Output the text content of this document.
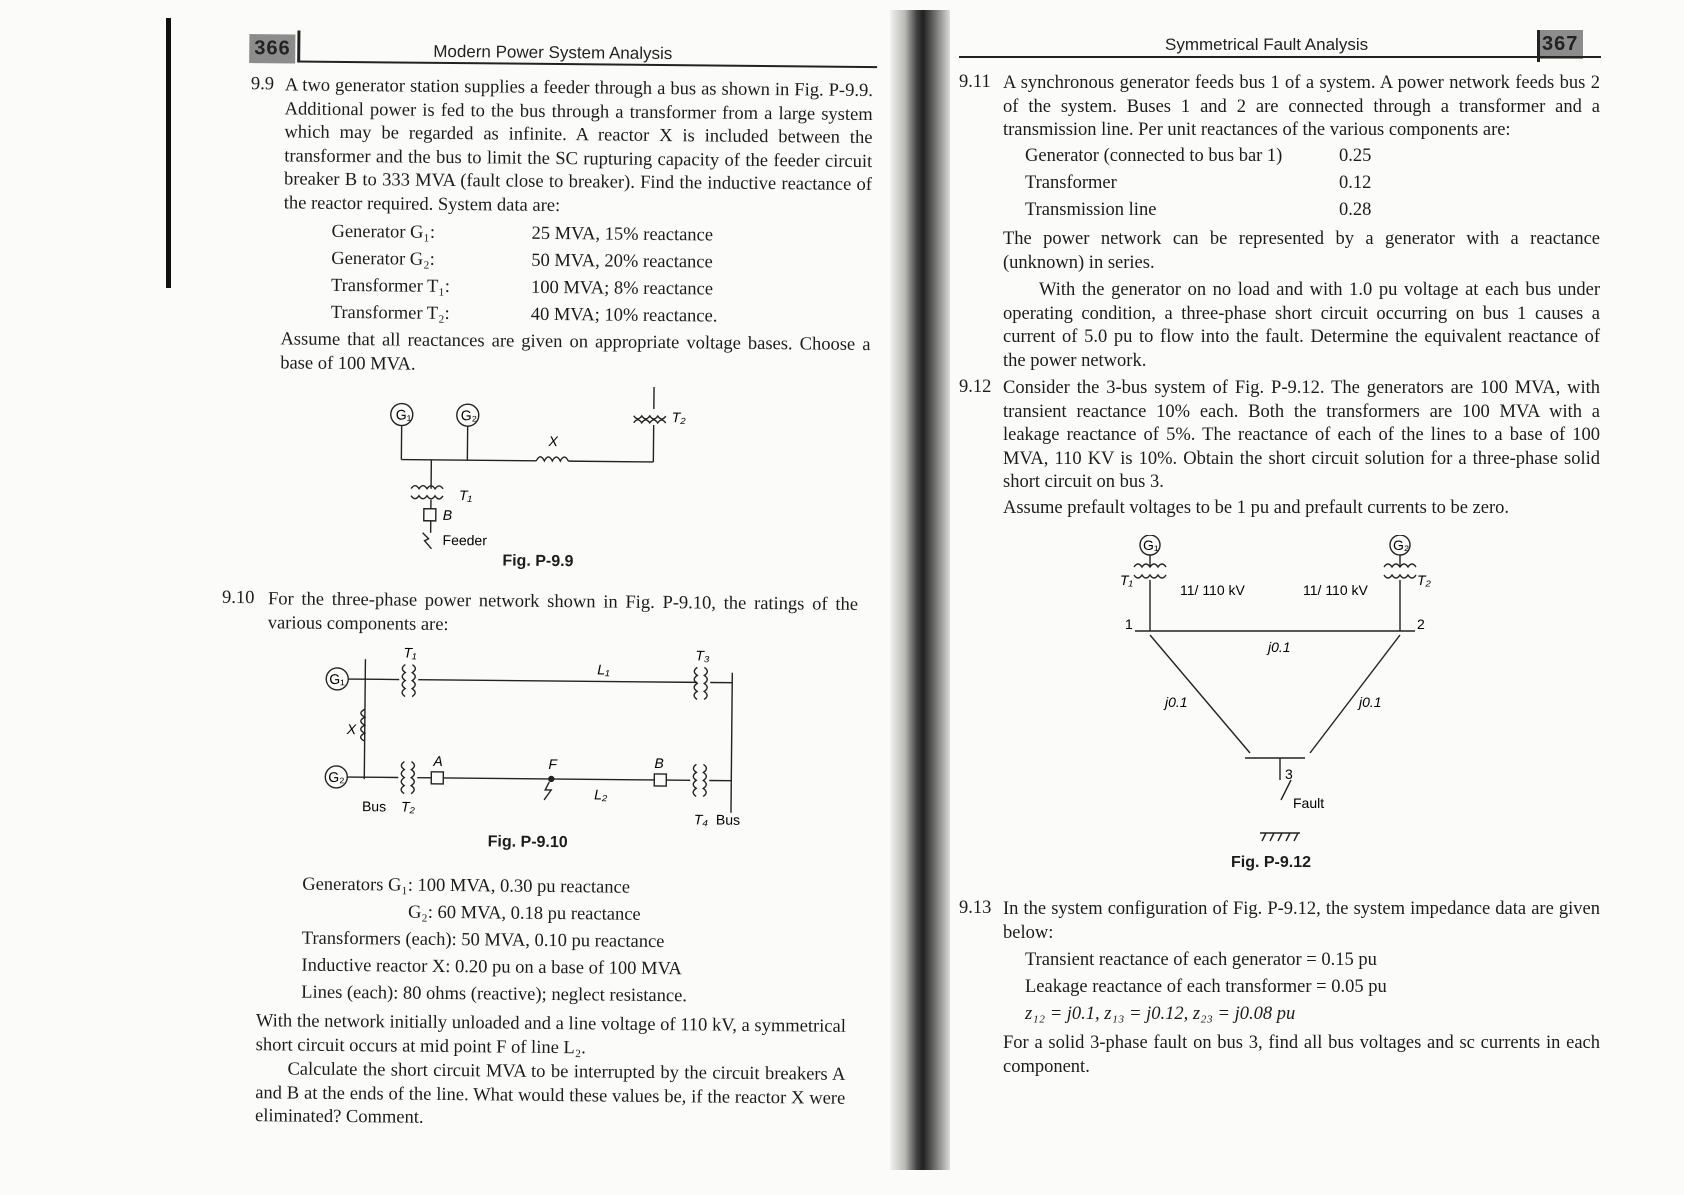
366	Modern Power System Analysis
9.9 A two generator station supplies a feeder through a bus as shown in Fig. P-9.9. Additional power is fed to the bus through a transformer from a large system which may be regarded as infinite. A reactor X is included between the transformer and the bus to limit the SC rupturing capacity of the feeder circuit breaker B to 333 MVA (fault close to breaker). Find the inductive reactance of the reactor required. System data are:

Generator G₁:	25 MVA, 15% reactance
Generator G₂:	50 MVA, 20% reactance
Transformer T₁:	100 MVA; 8% reactance
Transformer T₂:	40 MVA; 10% reactance.

Assume that all reactances are given on appropriate voltage bases. Choose a base of 100 MVA.

G₁	G₂
X
T₂
T₁
B
Feeder
Fig. P-9.9
9.10 For the three-phase power network shown in Fig. P-9.10, the ratings of the various components are:

G₁
G₂
T₁	T₃
L₁
X
A	F	B
L₂
Bus T₂
T₄ Bus
Fig. P-9.10
Generators G₁: 100 MVA, 0.30 pu reactance
G₂: 60 MVA, 0.18 pu reactance
Transformers (each): 50 MVA, 0.10 pu reactance
Inductive reactor X: 0.20 pu on a base of 100 MVA
Lines (each): 80 ohms (reactive); neglect resistance.

With the network initially unloaded and a line voltage of 110 kV, a symmetrical short circuit occurs at mid point F of line L₂.

Calculate the short circuit MVA to be interrupted by the circuit breakers A and B at the ends of the line. What would these values be, if the reactor X were eliminated? Comment.

Symmetrical Fault Analysis	367
9.11 A synchronous generator feeds bus 1 of a system. A power network feeds bus 2 of the system. Buses 1 and 2 are connected through a transformer and a transmission line. Per unit reactances of the various components are:

Generator (connected to bus bar 1)	0.25
Transformer	0.12
Transmission line	0.28

The power network can be represented by a generator with a reactance (unknown) in series.

With the generator on no load and with 1.0 pu voltage at each bus under operating condition, a three-phase short circuit occurring on bus 1 causes a current of 5.0 pu to flow into the fault. Determine the equivalent reactance of the power network.

9.12 Consider the 3-bus system of Fig. P-9.12. The generators are 100 MVA, with transient reactance 10% each. Both the transformers are 100 MVA with a leakage reactance of 5%. The reactance of each of the lines to a base of 100 MVA, 110 KV is 10%. Obtain the short circuit solution for a three-phase solid short circuit on bus 3.

Assume prefault voltages to be 1 pu and prefault currents to be zero.

T₁
G₁	G₂
T₂
11/ 110 kV	11/ 110 kV
1	2
j0.1
j0.1	j0.1
3
Fault
Fig. P-9.12
9.13 In the system configuration of Fig. P-9.12, the system impedance data are given below:

Transient reactance of each generator = 0.15 pu
Leakage reactance of each transformer = 0.05 pu
z₁₂ = j0.1, z₁₃ = j0.12, z₂₃ = j0.08 pu

For a solid 3-phase fault on bus 3, find all bus voltages and sc currents in each component.
